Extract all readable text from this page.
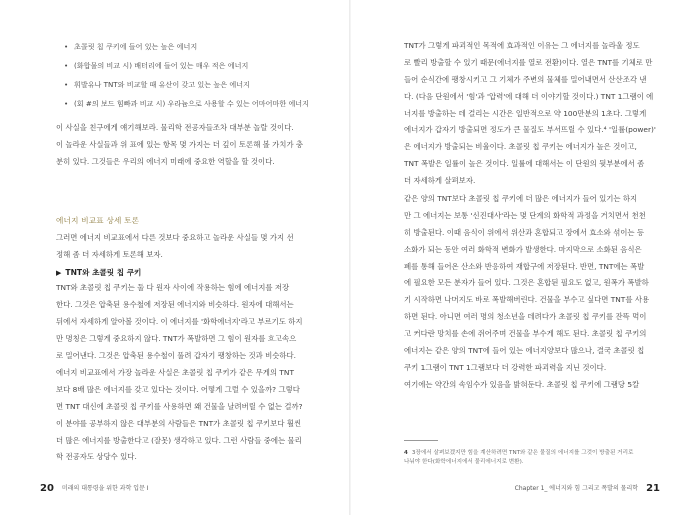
• 초콜릿 칩 쿠키에 들어 있는 높은 에너지
• (화합물의 비교 시) 배터리에 들어 있는 매우 적은 에너지
• 휘발유나 TNT와 비교할 때 유산이 갖고 있는 높은 에너지
• (회 #의 보드 힘빠과 비교 시) 우라늄으로 사용할 수 있는 어마어마한 에너지

이 사실을 친구에게 얘기해보라. 물리학 전공자들조차 대부분 놀랄 것이다.
이 놀라운 사실들과 위 표에 있는 항목 몇 가지는 더 깊이 토론해 볼 가치가 충
분히 있다. 그것들은 우리의 에너지 미래에 중요한 역할을 할 것이다.

에너지 비교표 상세 토론

그러면 에너지 비교표에서 다른 것보다 중요하고 놀라운 사실들 몇 가지 선
정해 좀 더 자세하게 토론해 보자.

▶ TNT와 초콜릿 칩 쿠키

TNT와 초콜릿 칩 쿠키는 둘 다 원자 사이에 작용하는 힘에 에너지를 저장
한다. 그것은 압축된 용수철에 저장된 에너지와 비슷하다. 원자에 대해서는
뒤에서 자세하게 알아볼 것이다. 이 에너지를 '화학에너지'라고 부르기도 하지
만 명칭은 그렇게 중요하지 않다. TNT가 폭발하면 그 힘이 원자를 흐고속으
로 밀어낸다. 그것은 압축된 용수철이 풀려 갑자기 팽창하는 것과 비슷하다.

에너지 비교표에서 가장 놀라운 사실은 초콜릿 칩 쿠키가 같은 무게의 TNT
보다 8배 많은 에너지를 갖고 있다는 것이다. 어떻게 그럴 수 있을까? 그렇다
면 TNT 대신에 초콜릿 칩 쿠키를 사용하면 왜 건물을 날려버릴 수 없는 걸까?
이 분야를 공부하지 않은 대부분의 사람들은 TNT가 초콜릿 칩 쿠키보다 훨씬
더 많은 에너지를 방출한다고 (잘못) 생각하고 있다. 그런 사람들 중에는 물리
학 전공자도 상당수 있다.

20 미래의 대통령을 위한 과학 입문 I	Chapter 1_ 에너지와 힘 그리고 폭발의 물리학 21

TNT가 그렇게 파괴적인 목적에 효과적인 이유는 그 에너지를 놀라울 정도
로 빨리 방출할 수 있기 때문(에너지를 열로 전환)이다. 열은 TNT를 기체로 만
들어 순식간에 팽창시키고 그 기체가 주변의 물체를 밀어내면서 산산조각 낸
다. (다음 단원에서 '힘'과 '압력'에 대해 더 이야기할 것이다.) TNT 1그램이 에
너지를 방출하는 데 걸리는 시간은 일반적으로 약 100만분의 1초다. 그렇게
에너지가 갑자기 방출되면 정도가 큰 물질도 부서뜨릴 수 있다.⁴ '일률(power)'
은 에너지가 방출되는 비율이다. 초콜릿 칩 쿠키는 에너지가 높은 것이고,
TNT 폭발은 일률이 높은 것이다. 일률에 대해서는 이 단원의 뒷부분에서 좀
더 자세하게 살펴보자.

같은 양의 TNT보다 초콜릿 칩 쿠키에 더 많은 에너지가 들어 있기는 하지
만 그 에너지는 보통 '신진대사'라는 몇 단계의 화학적 과정을 거치면서 천천
히 방출된다. 이때 음식이 위에서 위산과 혼합되고 장에서 효소와 섞이는 등
소화가 되는 동안 여러 화학적 변화가 발생한다. 마지막으로 소화된 음식은
폐를 통해 들어온 산소와 반응하여 재합구에 저장된다. 반면, TNT에는 폭발
에 필요한 모든 분자가 들어 있다. 그것은 혼합된 필요도 없고, 원폭가 폭발하
기 시작하면 나머지도 바로 폭발해버린다. 건물을 부수고 싶다면 TNT를 사용
하면 된다. 아니면 여러 명의 청소년을 데려다가 초콜릿 칩 쿠키를 잔뜩 먹이
고 커다란 망치를 손에 쥐어주며 건물을 부수게 해도 된다. 초콜릿 칩 쿠키의
에너지는 같은 양의 TNT에 들어 있는 에너지양보다 많으나, 결국 초콜릿 칩
쿠키 1그램이 TNT 1그램보다 더 강력한 파괴력을 지닌 것이다.

여기에는 약간의 속임수가 있음을 밝혀둔다. 초콜릿 칩 쿠키에 그램당 5칼

4 3장에서 살펴보겠지만 힘을 계산하려면 TNT와 같은 물질의 에너지를 그것이 방출된 거리로
나눠야 한다(화학에너지에서 물리에너지로 변환).
